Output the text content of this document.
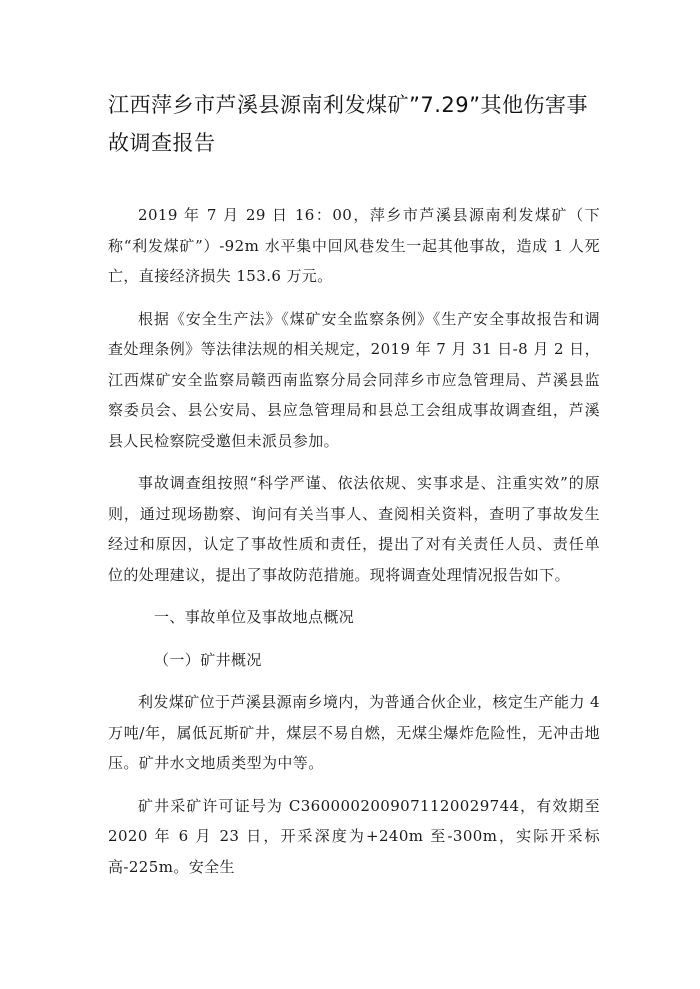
江西萍乡市芦溪县源南利发煤矿”7.29”其他伤害事故调查报告

2019 年 7 月 29 日 16：00，萍乡市芦溪县源南利发煤矿（下称“利发煤矿”）-92m 水平集中回风巷发生一起其他事故，造成 1 人死亡，直接经济损失 153.6 万元。

根据《安全生产法》《煤矿安全监察条例》《生产安全事故报告和调查处理条例》等法律法规的相关规定，2019 年 7 月 31 日-8 月 2 日，江西煤矿安全监察局赣西南监察分局会同萍乡市应急管理局、芦溪县监察委员会、县公安局、县应急管理局和县总工会组成事故调查组，芦溪县人民检察院受邀但未派员参加。

事故调查组按照“科学严谨、依法依规、实事求是、注重实效”的原则，通过现场勘察、询问有关当事人、查阅相关资料，查明了事故发生经过和原因，认定了事故性质和责任，提出了对有关责任人员、责任单位的处理建议，提出了事故防范措施。现将调查处理情况报告如下。

一、事故单位及事故地点概况

（一）矿井概况

利发煤矿位于芦溪县源南乡境内，为普通合伙企业，核定生产能力 4 万吨/年，属低瓦斯矿井，煤层不易自燃，无煤尘爆炸危险性，无冲击地压。矿井水文地质类型为中等。

矿井采矿许可证号为 C3600002009071120029744，有效期至 2020 年 6 月 23 日，开采深度为+240m 至-300m，实际开采标高-225m。安全生
